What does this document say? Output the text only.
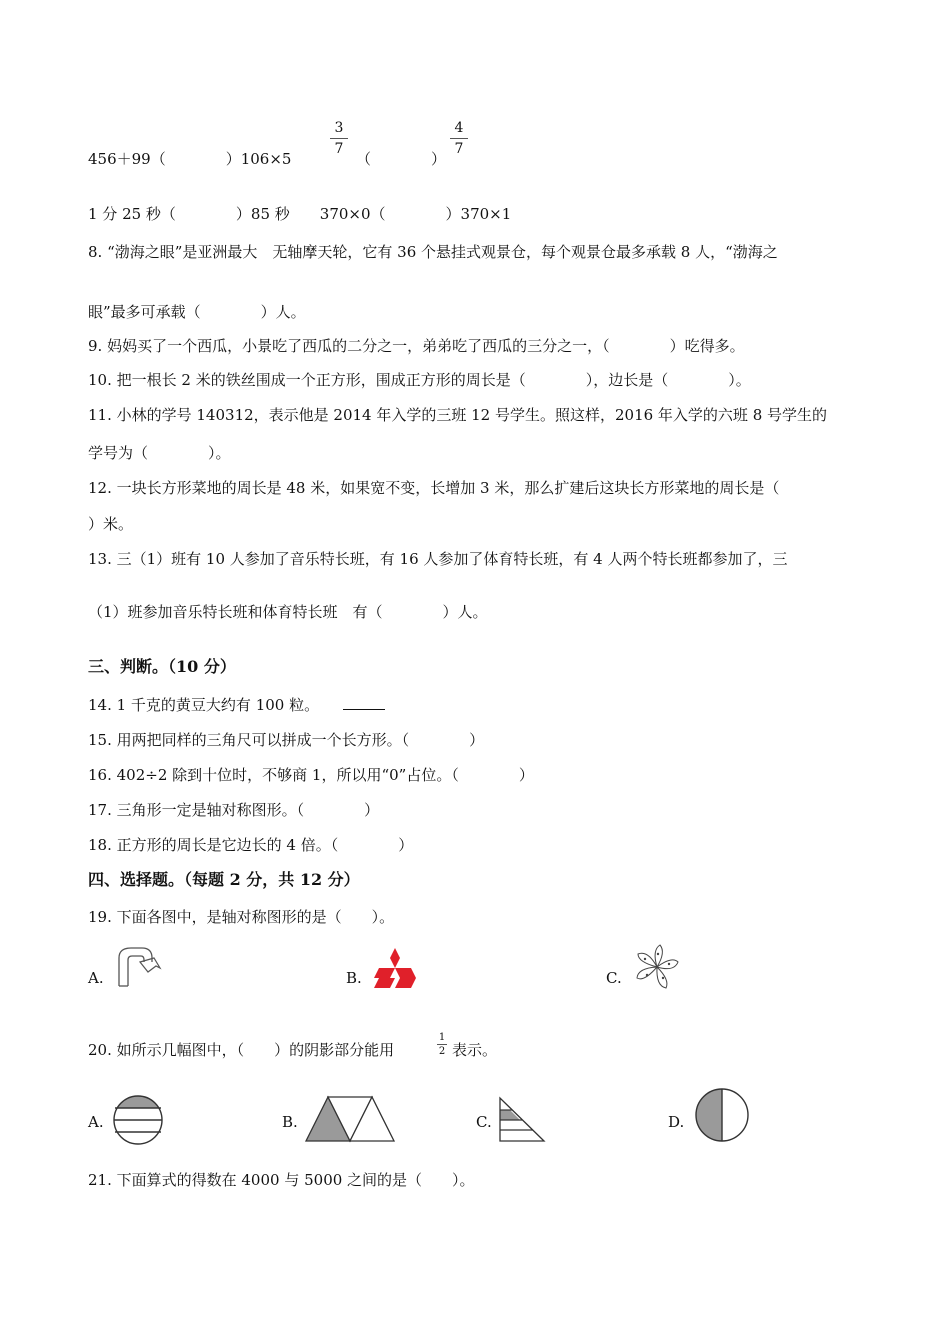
456＋99（　　　　）106×5
3
7
（　　　　）
4
7
1 分 25 秒（　　　　）85 秒　　370×0（　　　　）370×1
8. “渤海之眼”是亚洲最大　无轴摩天轮，它有 36 个悬挂式观景仓，每个观景仓最多承载 8 人，“渤海之
眼”最多可承载（　　　　）人。
9. 妈妈买了一个西瓜，小景吃了西瓜的二分之一，弟弟吃了西瓜的三分之一，（　　　　）吃得多。
10. 把一根长 2 米的铁丝围成一个正方形，围成正方形的周长是（　　　　），边长是（　　　　）。
11. 小林的学号 140312，表示他是 2014 年入学的三班 12 号学生。照这样，2016 年入学的六班 8 号学生的
学号为（　　　　）。
12. 一块长方形菜地的周长是 48 米，如果宽不变，长增加 3 米，那么扩建后这块长方形菜地的周长是（
）米。
13. 三（1）班有 10 人参加了音乐特长班，有 16 人参加了体育特长班，有 4 人两个特长班都参加了，三
（1）班参加音乐特长班和体育特长班　有（　　　　）人。
三、判断。（10 分）
14. 1 千克的黄豆大约有 100 粒。
15. 用两把同样的三角尺可以拼成一个长方形。（　　　　）
16. 402÷2 除到十位时，不够商 1，所以用“0”占位。（　　　　）
17. 三角形一定是轴对称图形。（　　　　）
18. 正方形的周长是它边长的 4 倍。（　　　　）
四、选择题。（每题 2 分，共 12 分）
19. 下面各图中，是轴对称图形的是（　　）。
A.	B.	C.
20. 如所示几幅图中，（　　）的阴影部分能用
1
2 表示。
A.	B.	C.	D.
21. 下面算式的得数在 4000 与 5000 之间的是（　　）。
